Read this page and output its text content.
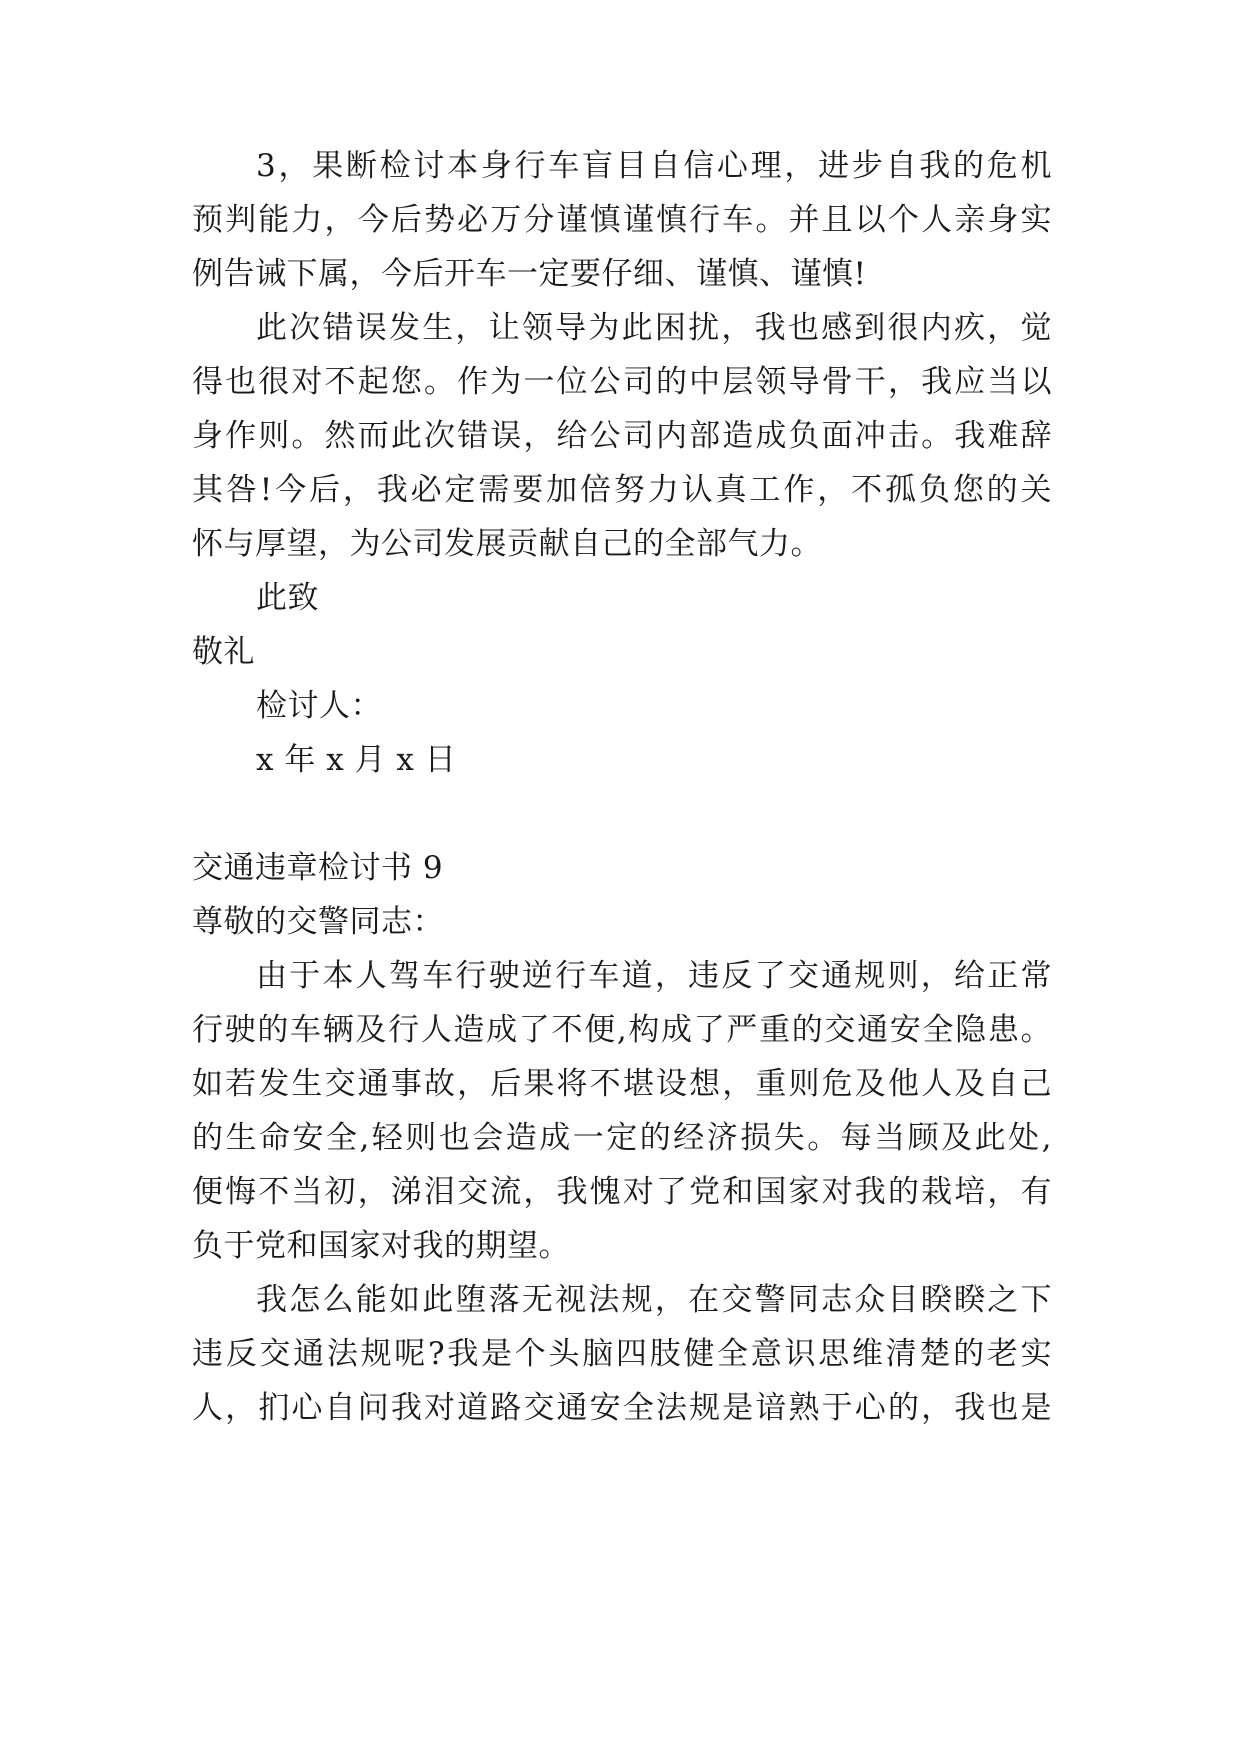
3，果断检讨本身行车盲目自信心理，进步自我的危机
预判能力，今后势必万分谨慎谨慎行车。并且以个人亲身实
例告诫下属，今后开车一定要仔细、谨慎、谨慎!
此次错误发生，让领导为此困扰，我也感到很内疚，觉
得也很对不起您。作为一位公司的中层领导骨干，我应当以
身作则。然而此次错误，给公司内部造成负面冲击。我难辞
其咎!今后，我必定需要加倍努力认真工作，不孤负您的关
怀与厚望，为公司发展贡献自己的全部气力。
此致
敬礼
检讨人：
x 年 x 月 x 日
交通违章检讨书 9
尊敬的交警同志：
由于本人驾车行驶逆行车道，违反了交通规则，给正常
行驶的车辆及行人造成了不便,构成了严重的交通安全隐患。
如若发生交通事故，后果将不堪设想，重则危及他人及自己
的生命安全,轻则也会造成一定的经济损失。每当顾及此处,
便悔不当初，涕泪交流，我愧对了党和国家对我的栽培，有
负于党和国家对我的期望。
我怎么能如此堕落无视法规，在交警同志众目睽睽之下
违反交通法规呢?我是个头脑四肢健全意识思维清楚的老实
人，扪心自问我对道路交通安全法规是谙熟于心的，我也是
